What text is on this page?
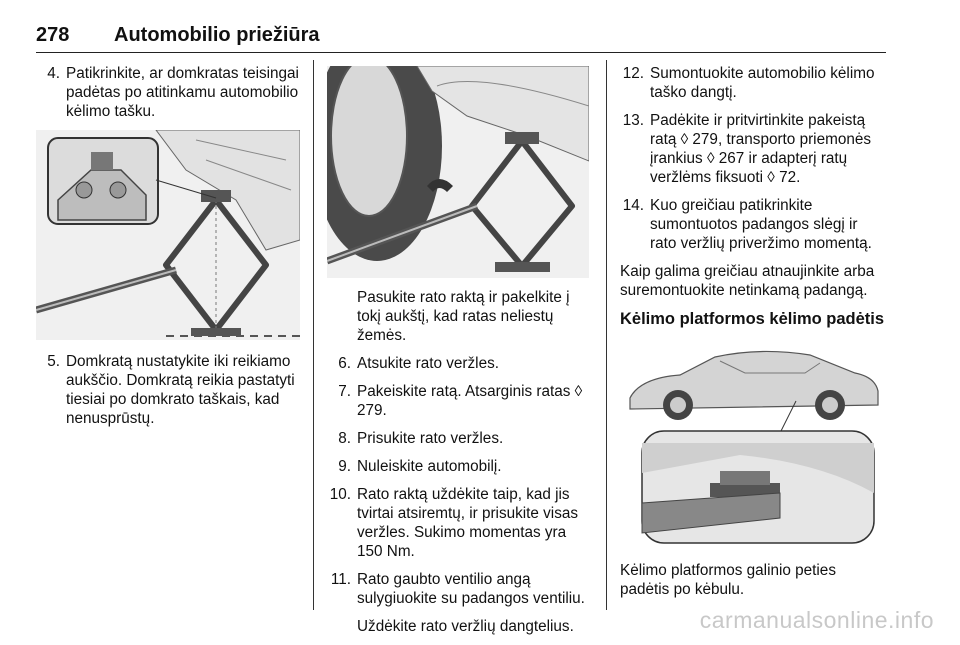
278 Automobilio priežiūra
4. Patikrinkite, ar domkratas teisingai padėtas po atitinkamu automobilio kėlimo tašku.
5. Domkratą nustatykite iki reikiamo aukščio. Domkratą reikia pastatyti tiesiai po domkrato taškais, kad nenusprūstų.
Pasukite rato raktą ir pakelkite į tokį aukštį, kad ratas neliestų žemės.
6. Atsukite rato veržles.
7. Pakeiskite ratą. Atsarginis ratas ◊ 279.
8. Prisukite rato veržles.
9. Nuleiskite automobilį.
10. Rato raktą uždėkite taip, kad jis tvirtai atsiremtų, ir prisukite visas veržles. Sukimo momentas yra 150 Nm.
11. Rato gaubto ventilio angą sulygiuokite su padangos ventiliu.
Uždėkite rato veržlių dangtelius.
12. Sumontuokite automobilio kėlimo taško dangtį.
13. Padėkite ir pritvirtinkite pakeistą ratą ◊ 279, transporto priemonės įrankius ◊ 267 ir adapterį ratų veržlėms fiksuoti ◊ 72.
14. Kuo greičiau patikrinkite sumontuotos padangos slėgį ir rato veržlių priveržimo momentą.
Kaip galima greičiau atnaujinkite arba suremontuokite netinkamą padangą.
Kėlimo platformos kėlimo padėtis
Kėlimo platformos galinio peties padėtis po kėbulu.
carmanualsonline.info
